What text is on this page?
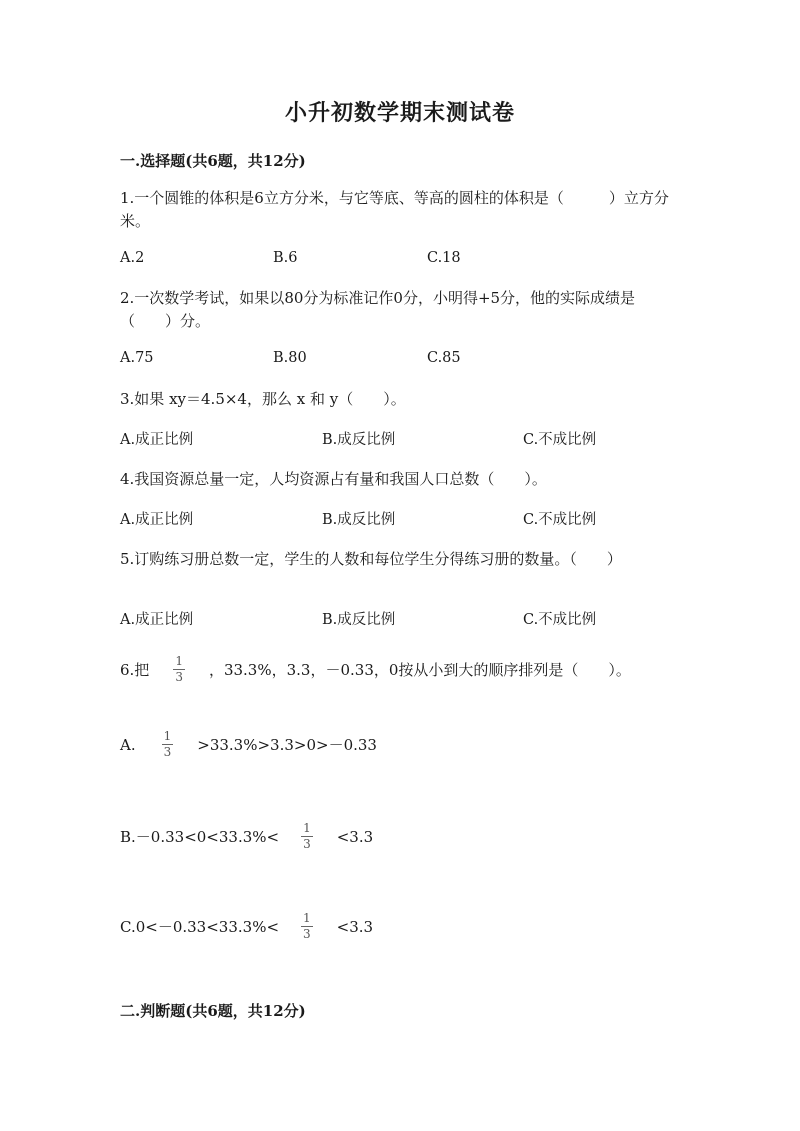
小升初数学期末测试卷
一.选择题(共6题，共12分)
1.一个圆锥的体积是6立方分米，与它等底、等高的圆柱的体积是（　　　）立方分米。
A.2	B.6	C.18
2.一次数学考试，如果以80分为标准记作0分，小明得+5分，他的实际成绩是（　　）分。
A.75	B.80	C.85
3.如果 xy＝4.5×4，那么 x 和 y（　　）。
A.成正比例	B.成反比例	C.不成比例
4.我国资源总量一定，人均资源占有量和我国人口总数（　　）。
A.成正比例	B.成反比例	C.不成比例
5.订购练习册总数一定，学生的人数和每位学生分得练习册的数量。（　　）
A.成正比例	B.成反比例	C.不成比例
6.把 $\frac{1}{3}$ ，33.3%，3.3，－0.33，0按从小到大的顺序排列是（　　）。
A. $\frac{1}{3} >33.3\%>3.3>0>-0.33$
$B.-0.33<0<33.3\%< \frac{1}{3} <3.3$
$C.0<-0.33<33.3\%< \frac{1}{3} <3.3$
二.判断题(共6题，共12分)
